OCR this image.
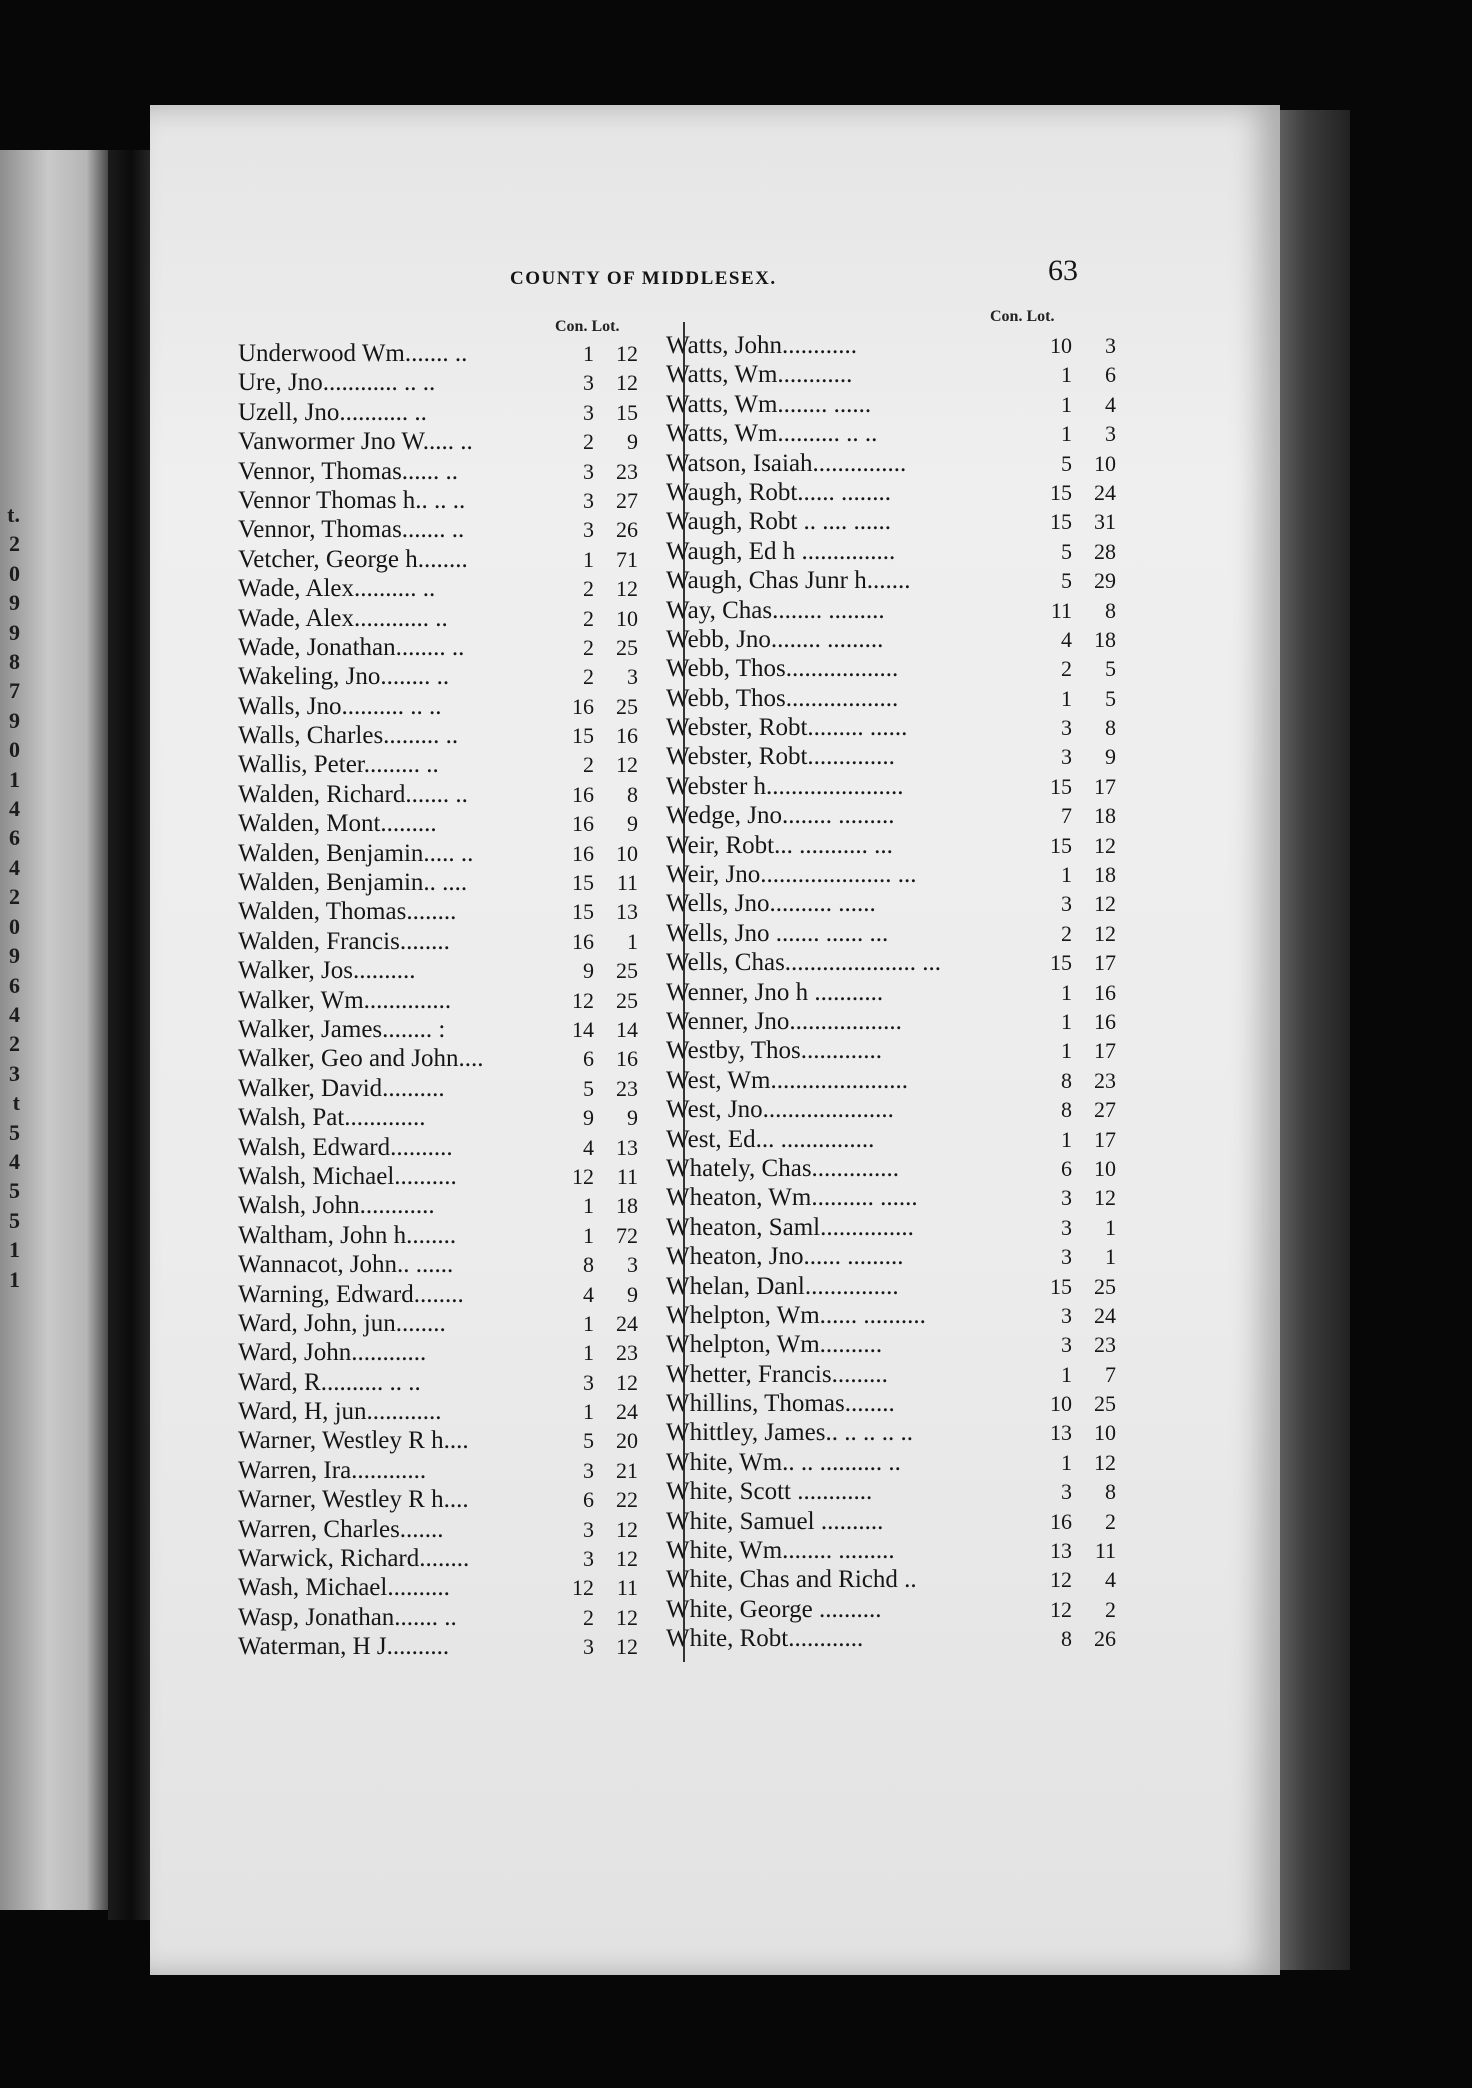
t.
2
0
9
9
8
7
9
0
1
4
6
4
2
0
9
6
4
2
3
t
5
4
5
5
1
1
COUNTY OF MIDDLESEX.	63
Con. Lot.
Con. Lot.
Underwood Wm....... ..	1	12
Ure, Jno............ .. ..	3	12
Uzell, Jno........... ..	3	15
Vanwormer Jno W..... ..	2	9
Vennor, Thomas...... ..	3	23
Vennor Thomas h.. .. ..	3	27
Vennor, Thomas....... ..	3	26
Vetcher, George h........	1	71
Wade, Alex.......... ..	2	12
Wade, Alex............ ..	2	10
Wade, Jonathan........ ..	2	25
Wakeling, Jno........ ..	2	3
Walls, Jno.......... .. ..	16	25
Walls, Charles......... ..	15	16
Wallis, Peter......... ..	2	12
Walden, Richard....... ..	16	8
Walden, Mont.........	16	9
Walden, Benjamin..... ..	16	10
Walden, Benjamin.. ....	15	11
Walden, Thomas........	15	13
Walden, Francis........	16	1
Walker, Jos..........	9	25
Walker, Wm..............	12	25
Walker, James........ :	14	14
Walker, Geo and John....	6	16
Walker, David..........	5	23
Walsh, Pat.............	9	9
Walsh, Edward..........	4	13
Walsh, Michael..........	12	11
Walsh, John............	1	18
Waltham, John h........	1	72
Wannacot, John.. ......	8	3
Warning, Edward........	4	9
Ward, John, jun........	1	24
Ward, John............	1	23
Ward, R.......... .. ..	3	12
Ward, H, jun............	1	24
Warner, Westley R h....	5	20
Warren, Ira............	3	21
Warner, Westley R h....	6	22
Warren, Charles.......	3	12
Warwick, Richard........	3	12
Wash, Michael..........	12	11
Wasp, Jonathan....... ..	2	12
Waterman, H J..........	3	12
Watts, John............	10	3
Watts, Wm............	1	6
Watts, Wm........ ......	1	4
Watts, Wm.......... .. ..	1	3
Watson, Isaiah...............	5	10
Waugh, Robt...... ........	15	24
Waugh, Robt .. .... ......	15	31
Waugh, Ed h ...............	5	28
Waugh, Chas Junr h.......	5	29
Way, Chas........ .........	11	8
Webb, Jno........ .........	4	18
Webb, Thos..................	2	5
Webb, Thos..................	1	5
Webster, Robt......... ......	3	8
Webster, Robt..............	3	9
Webster h......................	15	17
Wedge, Jno........ .........	7	18
Weir, Robt... ........... ...	15	12
Weir, Jno..................... ...	1	18
Wells, Jno.......... ......	3	12
Wells, Jno ....... ...... ...	2	12
Wells, Chas..................... ...	15	17
Wenner, Jno h ...........	1	16
Wenner, Jno..................	1	16
Westby, Thos.............	1	17
West, Wm......................	8	23
West, Jno.....................	8	27
West, Ed... ...............	1	17
Whately, Chas..............	6	10
Wheaton, Wm.......... ......	3	12
Wheaton, Saml...............	3	1
Wheaton, Jno...... .........	3	1
Whelan, Danl...............	15	25
Whelpton, Wm...... ..........	3	24
Whelpton, Wm..........	3	23
Whetter, Francis.........	1	7
Whillins, Thomas........	10	25
Whittley, James.. .. .. .. ..	13	10
White, Wm.. .. .......... ..	1	12
White, Scott ............	3	8
White, Samuel ..........	16	2
White, Wm........ .........	13	11
White, Chas and Richd ..	12	4
White, George ..........	12	2
White, Robt............	8	26
